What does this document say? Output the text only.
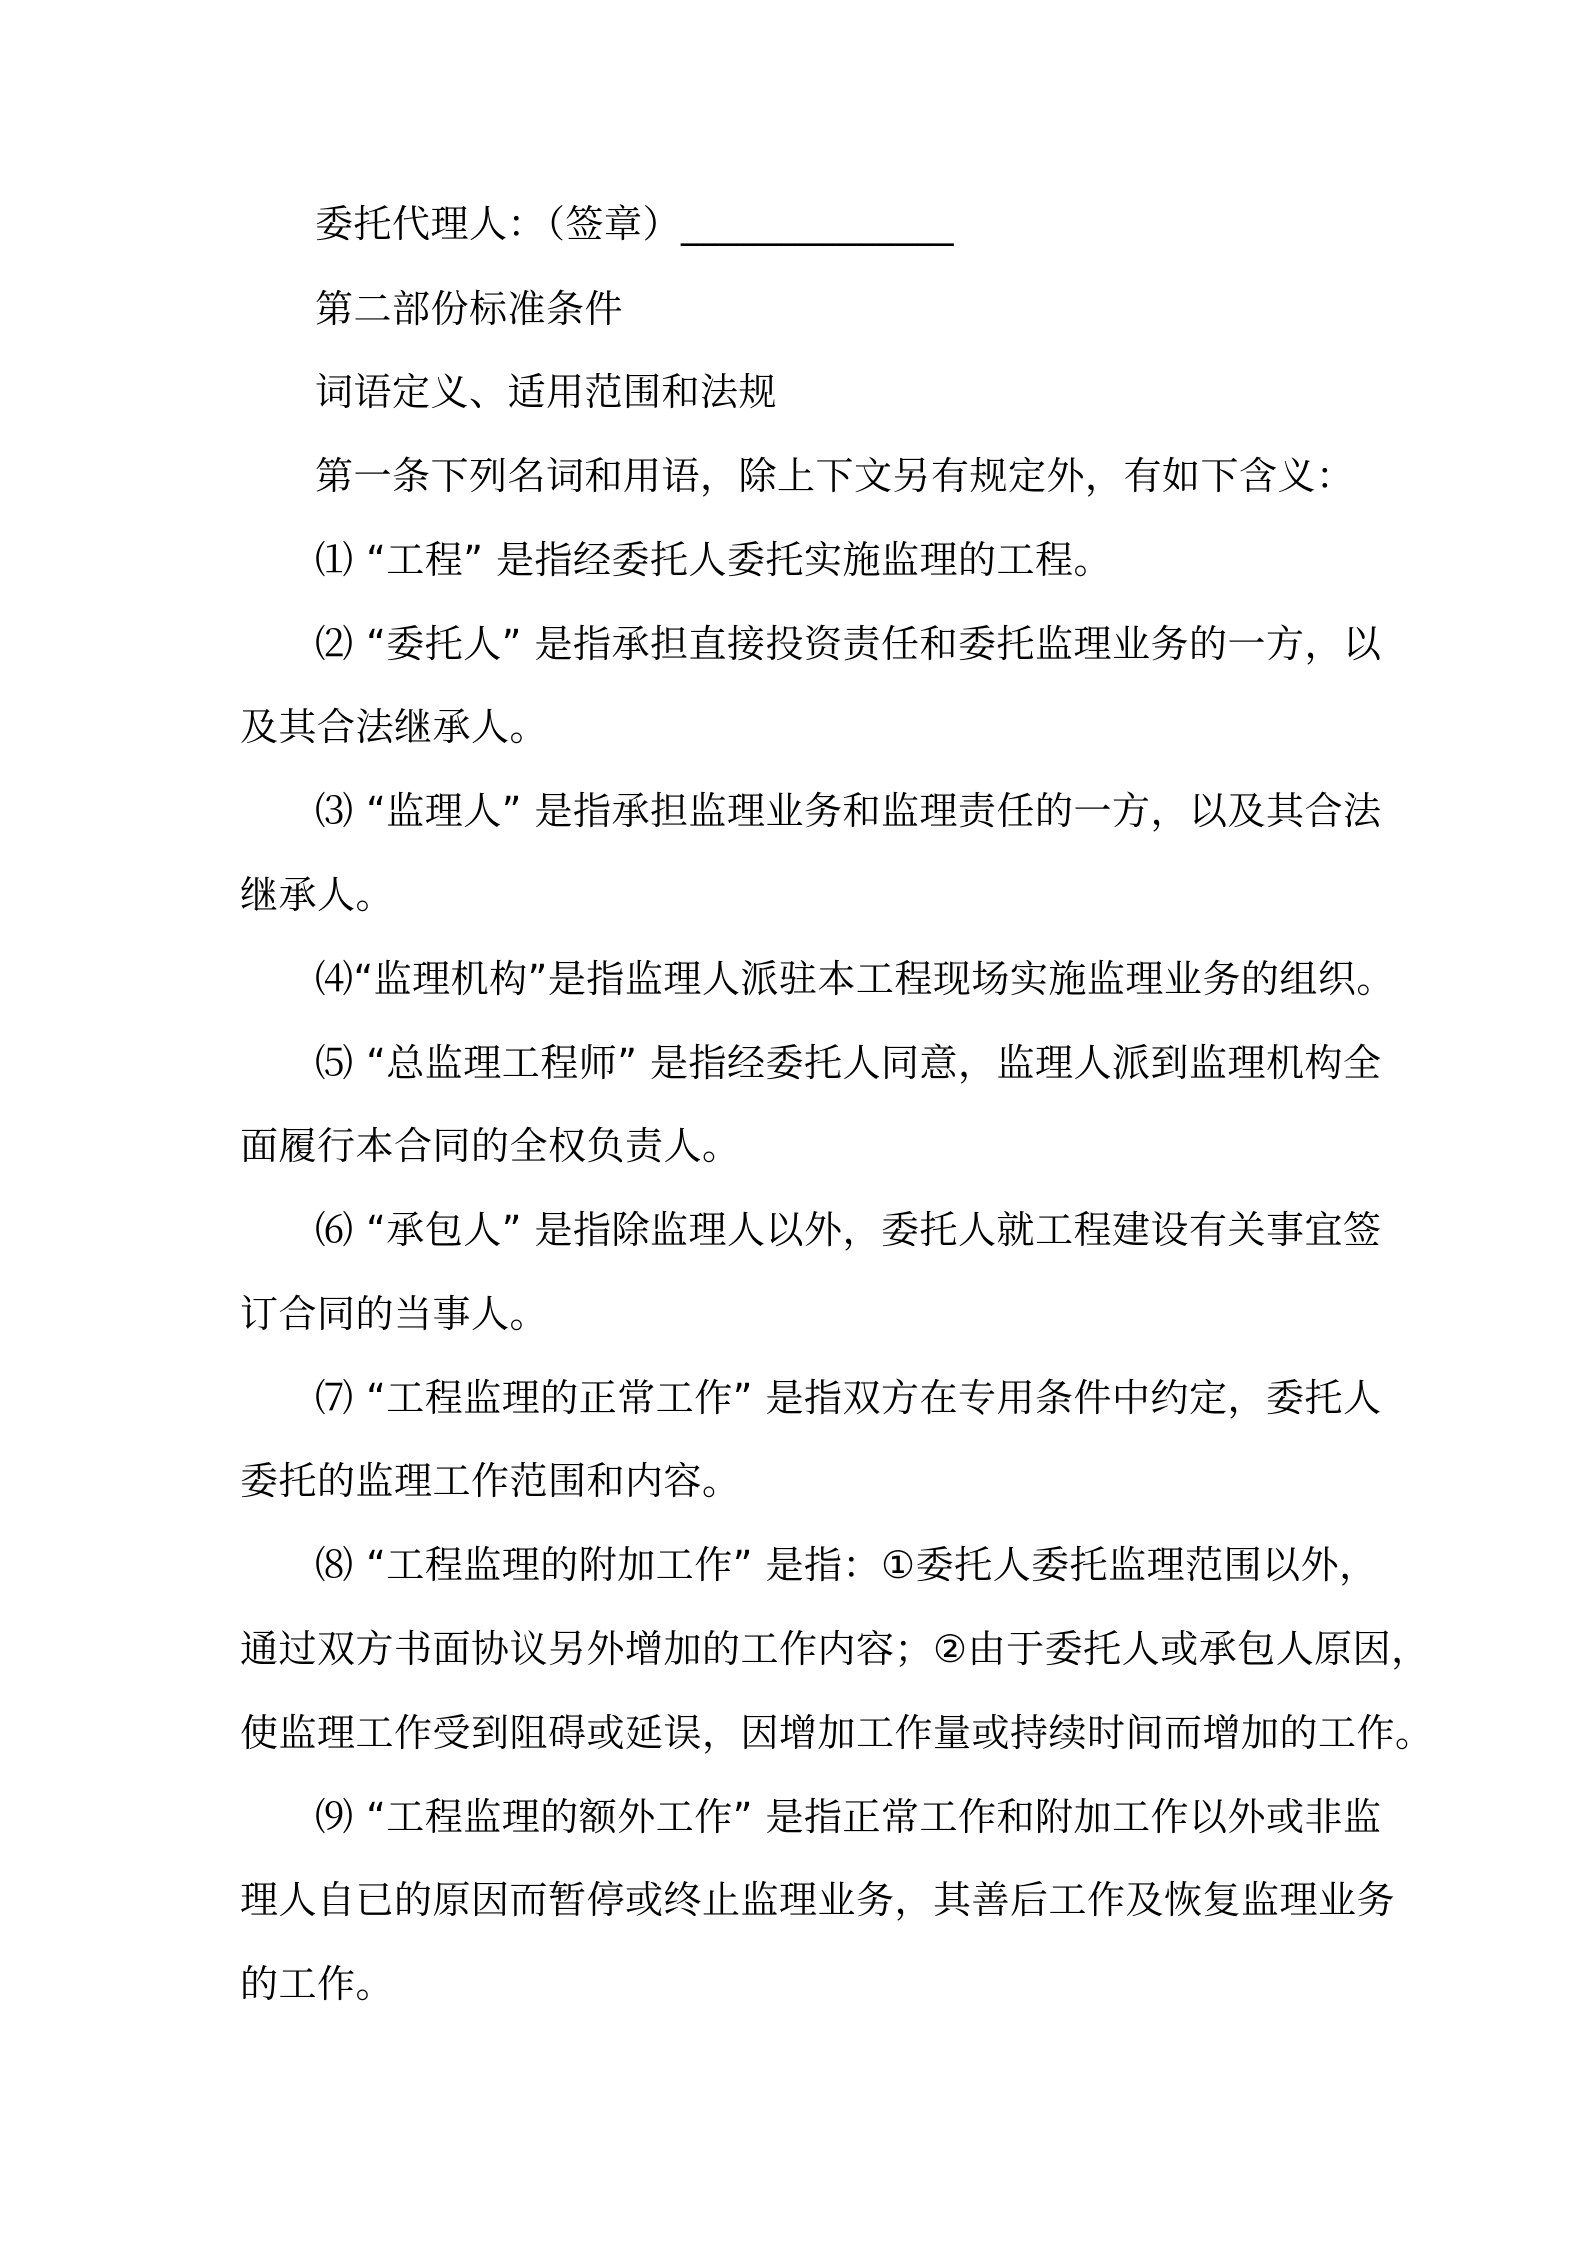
委托代理人：（签章）______________
第二部份标准条件
词语定义、适用范围和法规
第一条下列名词和用语，除上下文另有规定外，有如下含义：
⑴ “工程” 是指经委托人委托实施监理的工程。
⑵ “委托人” 是指承担直接投资责任和委托监理业务的一方，以
及其合法继承人。
⑶ “监理人” 是指承担监理业务和监理责任的一方，以及其合法
继承人。
⑷“监理机构”是指监理人派驻本工程现场实施监理业务的组织。
⑸ “总监理工程师” 是指经委托人同意，监理人派到监理机构全
面履行本合同的全权负责人。
⑹ “承包人” 是指除监理人以外，委托人就工程建设有关事宜签
订合同的当事人。
⑺ “工程监理的正常工作” 是指双方在专用条件中约定，委托人
委托的监理工作范围和内容。
⑻ “工程监理的附加工作” 是指：①委托人委托监理范围以外，
通过双方书面协议另外增加的工作内容；②由于委托人或承包人原因，
使监理工作受到阻碍或延误，因增加工作量或持续时间而增加的工作。
⑼ “工程监理的额外工作” 是指正常工作和附加工作以外或非监
理人自已的原因而暂停或终止监理业务，其善后工作及恢复监理业务
的工作。
